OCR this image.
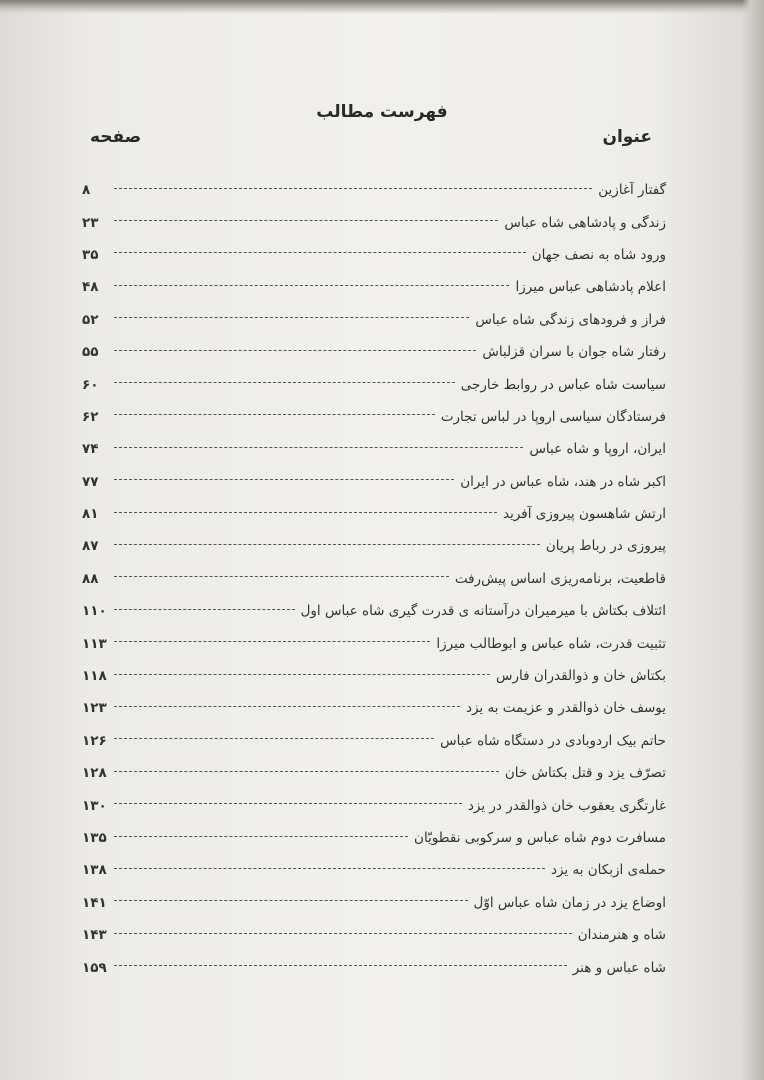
فهرست مطالب
عنوان
صفحه
گفتار آغازین
۸
زندگی و پادشاهی شاه عباس
۲۳
ورود شاه به نصف جهان
۳۵
اعلام پادشاهی عباس میرزا
۴۸
فراز و فرودهای زندگی شاه عباس
۵۲
رفتار شاه جوان با سران قزلباش
۵۵
سیاست شاه عباس در روابط خارجی
۶۰
فرستادگان سیاسی اروپا در لباس تجارت
۶۲
ایران، اروپا و شاه عباس
۷۴
اکبر شاه در هند، شاه عباس در ایران
۷۷
ارتش شاهسون پیروزی آفرید
۸۱
پیروزی در رباط پریان
۸۷
قاطعیت، برنامه‌ریزی اساس پیش‌رفت
۸۸
ائتلاف بکتاش با میرمیران درآستانه ی قدرت گیری شاه عباس اول
۱۱۰
تثبیت قدرت، شاه عباس و ابوطالب میرزا
۱۱۳
بکتاش خان و ذوالقدران فارس
۱۱۸
یوسف خان ذوالقدر و عزیمت به یزد
۱۲۳
حاتم بیک اردوبادی در دستگاه شاه عباس
۱۲۶
تصرّف یزد و قتل بکتاش خان
۱۲۸
غارتگری یعقوب خان ذوالقدر در یزد
۱۳۰
مسافرت دوم شاه عباس و سرکوبی نقطویّان
۱۳۵
حمله‌ی ازبکان به یزد
۱۳۸
اوضاع یزد در زمان شاه عباس اوّل
۱۴۱
شاه و هنرمندان
۱۴۳
شاه عباس و هنر
۱۵۹
